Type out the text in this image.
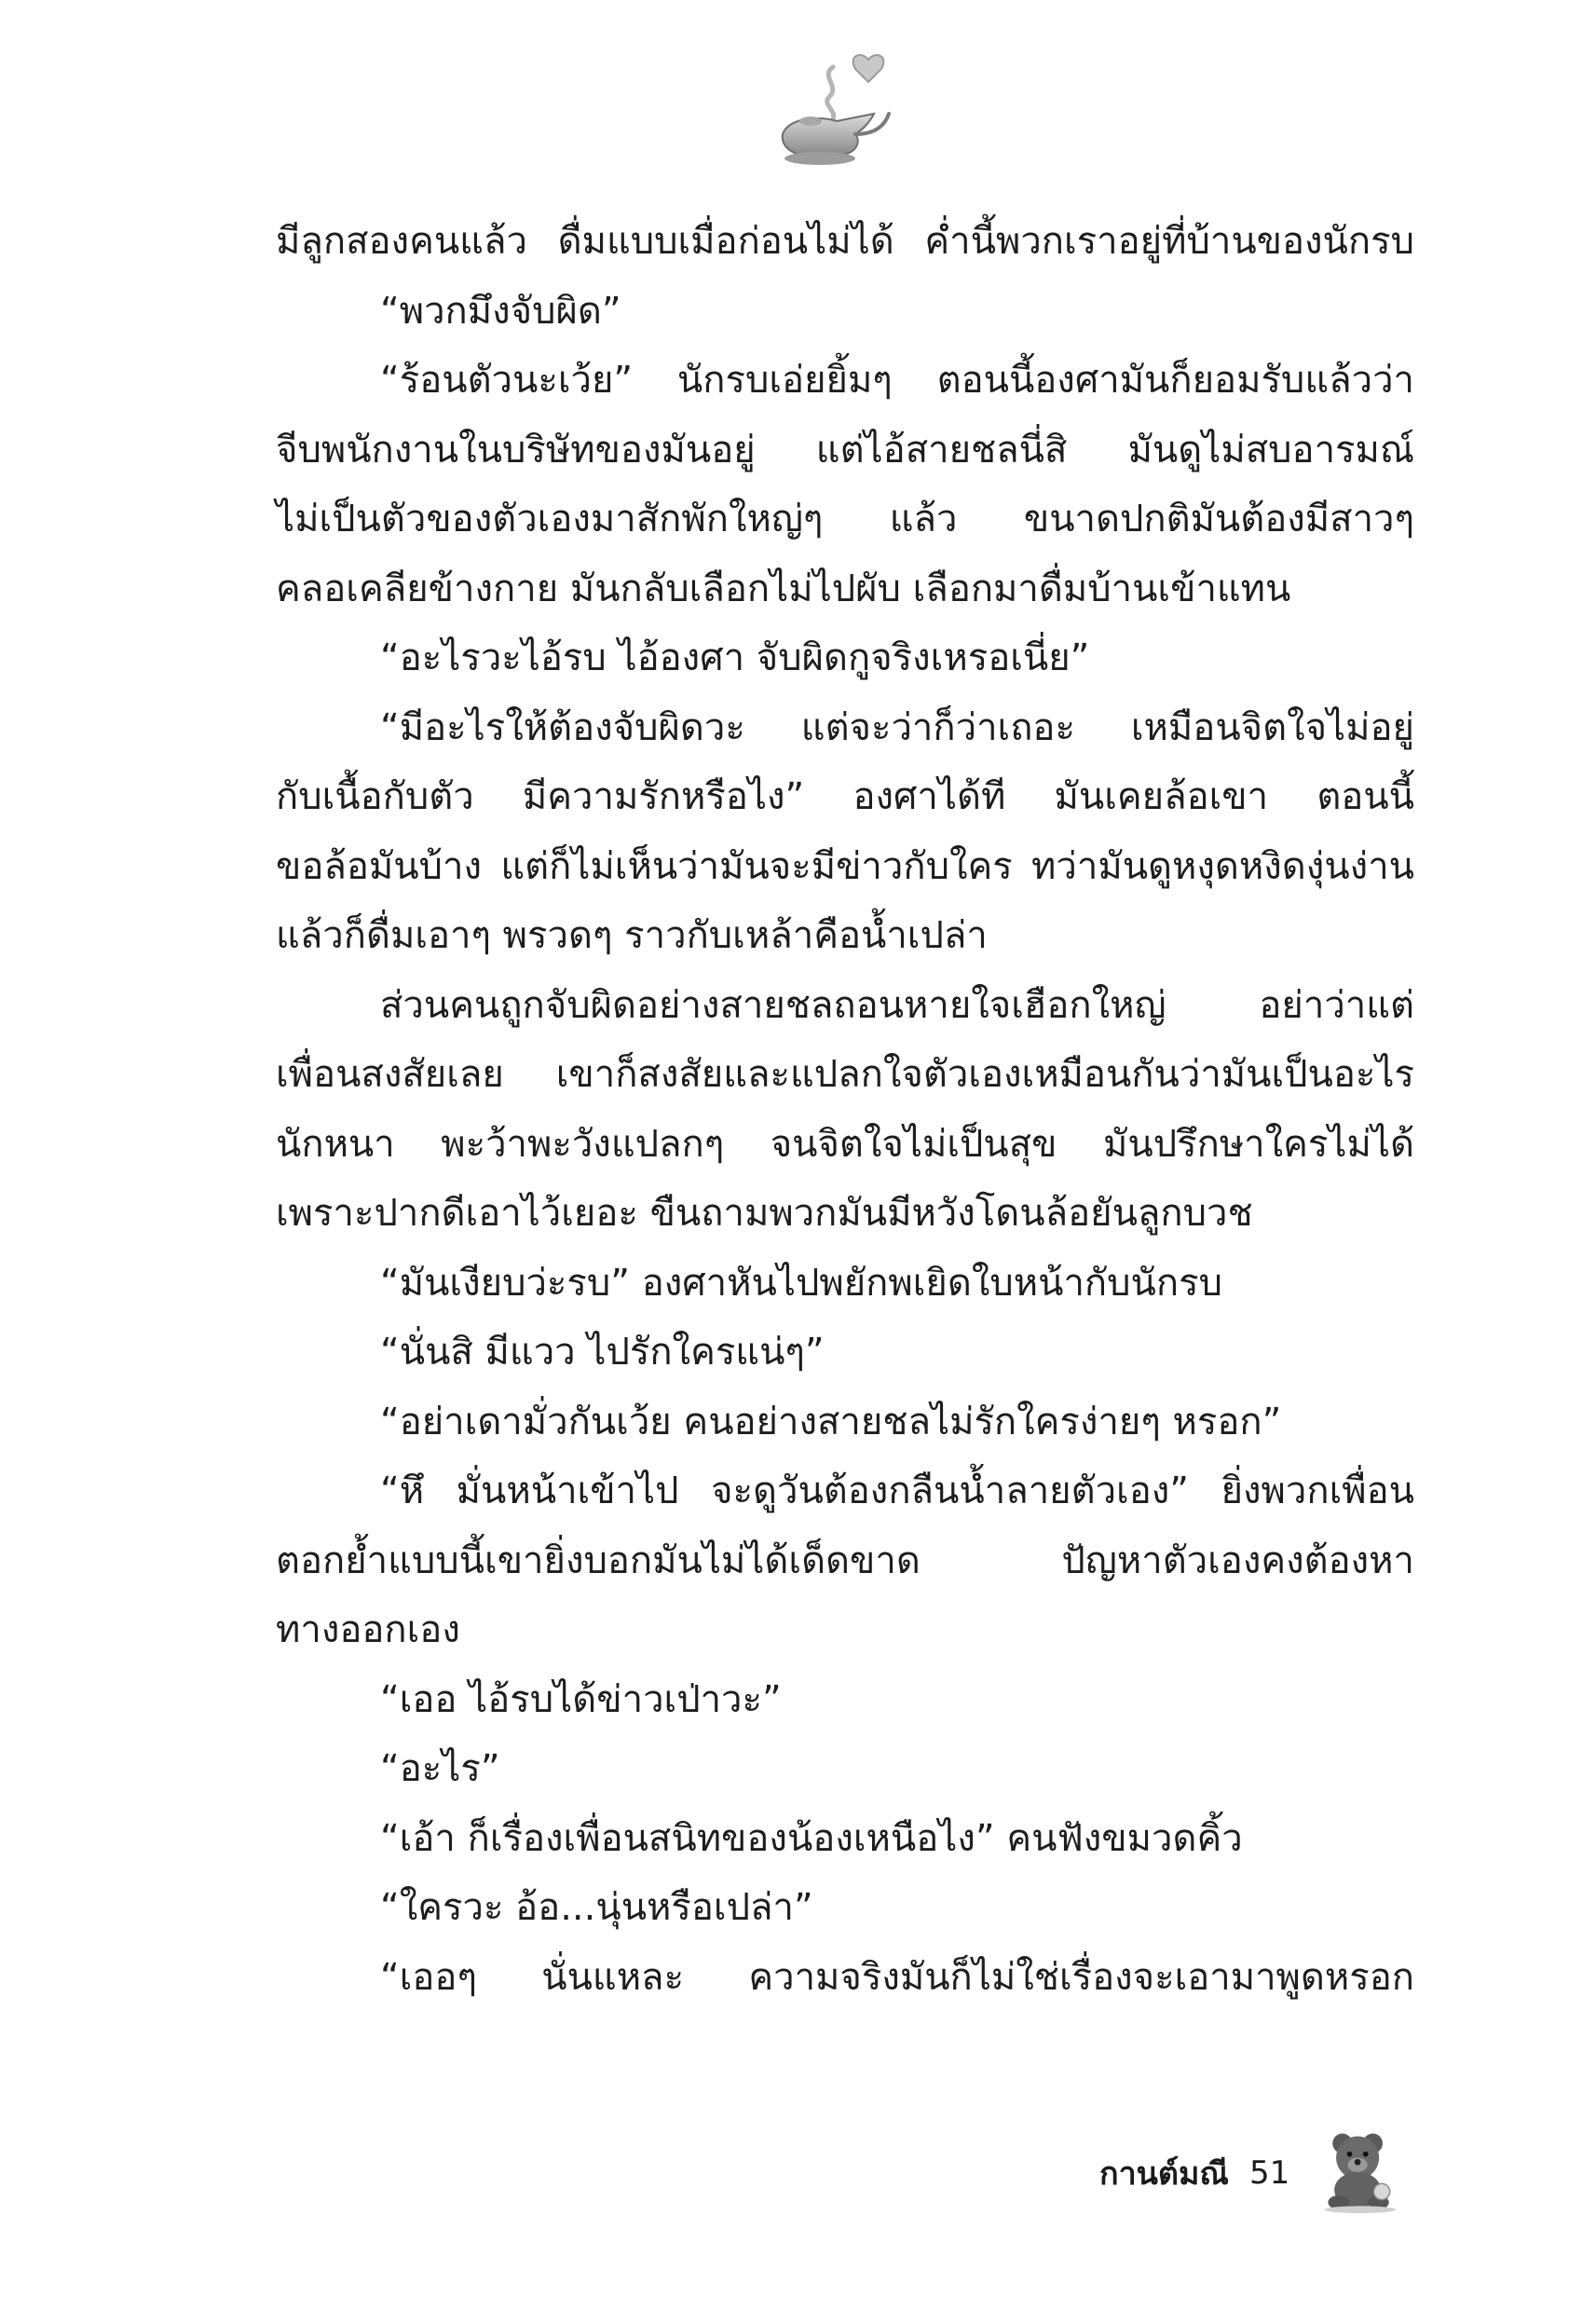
มีลูกสองคนแล้ว ดื่มแบบเมื่อก่อนไม่ได้ ค่ำนี้พวกเราอยู่ที่บ้านของนักรบ
“พวกมึงจับผิด”
“ร้อนตัวนะเว้ย” นักรบเอ่ยยิ้มๆ ตอนนี้องศามันก็ยอมรับแล้วว่า
จีบพนักงานในบริษัทของมันอยู่ แต่ไอ้สายชลนี่สิ มันดูไม่สบอารมณ์
ไม่เป็นตัวของตัวเองมาสักพักใหญ่ๆ แล้ว ขนาดปกติมันต้องมีสาวๆ
คลอเคลียข้างกาย มันกลับเลือกไม่ไปผับ เลือกมาดื่มบ้านเข้าแทน
“อะไรวะไอ้รบ ไอ้องศา จับผิดกูจริงเหรอเนี่ย”
“มีอะไรให้ต้องจับผิดวะ แต่จะว่าก็ว่าเถอะ เหมือนจิตใจไม่อยู่
กับเนื้อกับตัว มีความรักหรือไง” องศาได้ที มันเคยล้อเขา ตอนนี้
ขอล้อมันบ้าง แต่ก็ไม่เห็นว่ามันจะมีข่าวกับใคร ทว่ามันดูหงุดหงิดงุ่นง่าน
แล้วก็ดื่มเอาๆ พรวดๆ ราวกับเหล้าคือน้ำเปล่า
ส่วนคนถูกจับผิดอย่างสายชลถอนหายใจเฮือกใหญ่ อย่าว่าแต่
เพื่อนสงสัยเลย เขาก็สงสัยและแปลกใจตัวเองเหมือนกันว่ามันเป็นอะไร
นักหนา พะว้าพะวังแปลกๆ จนจิตใจไม่เป็นสุข มันปรึกษาใครไม่ได้
เพราะปากดีเอาไว้เยอะ ขืนถามพวกมันมีหวังโดนล้อยันลูกบวช
“มันเงียบว่ะรบ” องศาหันไปพยักพเยิดใบหน้ากับนักรบ
“นั่นสิ มีแวว ไปรักใครแน่ๆ”
“อย่าเดามั่วกันเว้ย คนอย่างสายชลไม่รักใครง่ายๆ หรอก”
“หึ มั่นหน้าเข้าไป จะดูวันต้องกลืนน้ำลายตัวเอง” ยิ่งพวกเพื่อน
ตอกย้ำแบบนี้เขายิ่งบอกมันไม่ได้เด็ดขาด ปัญหาตัวเองคงต้องหา
ทางออกเอง
“เออ ไอ้รบได้ข่าวเป่าวะ”
“อะไร”
“เอ้า ก็เรื่องเพื่อนสนิทของน้องเหนือไง” คนฟังขมวดคิ้ว
“ใครวะ อ้อ...นุ่นหรือเปล่า”
“เออๆ นั่นแหละ ความจริงมันก็ไม่ใช่เรื่องจะเอามาพูดหรอก
กานต์มณี 51
